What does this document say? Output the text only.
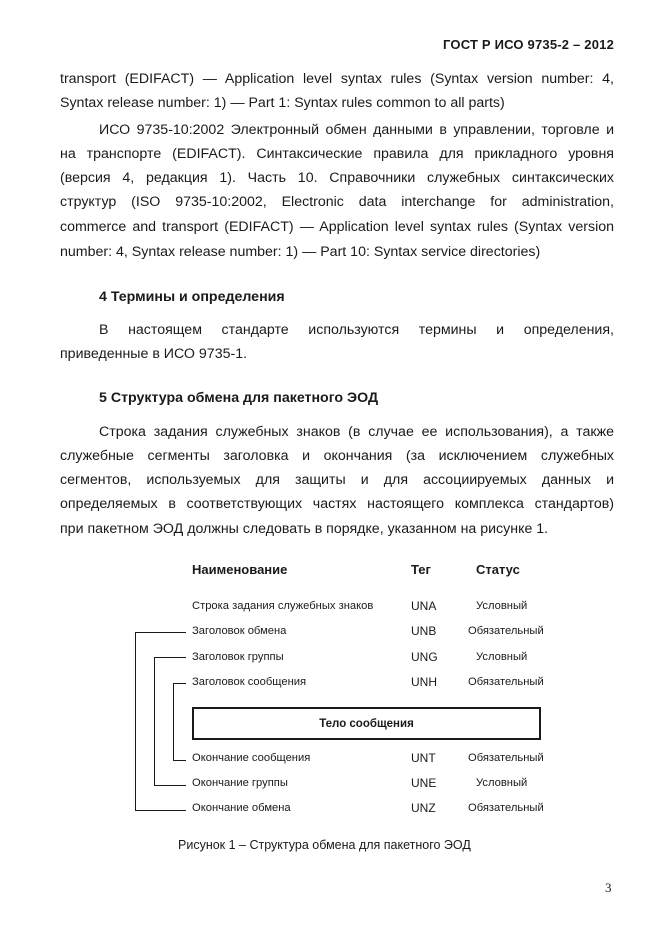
ГОСТ Р ИСО 9735-2 – 2012

transport (EDIFACT) — Application level syntax rules (Syntax version number: 4,

Syntax release number: 1) — Part 1: Syntax rules common to all parts)

ИСО 9735-10:2002 Электронный обмен данными в управлении, торговле и

на транспорте (EDIFACT). Синтаксические правила для прикладного уровня

(версия 4, редакция 1). Часть 10. Справочники служебных синтаксических

структур (ISO 9735-10:2002, Electronic data interchange for administration,

commerce and transport (EDIFACT) — Application level syntax rules (Syntax version

number: 4, Syntax release number: 1) — Part 10: Syntax service directories)

4 Термины и определения

В настоящем стандарте используются термины и определения,

приведенные в ИСО 9735-1.

5 Структура обмена для пакетного ЭОД

Строка задания служебных знаков (в случае ее использования), а также

служебные сегменты заголовка и окончания (за исключением служебных

сегментов, используемых для защиты и для ассоциируемых данных и

определяемых в соответствующих частях настоящего комплекса стандартов)

при пакетном ЭОД должны следовать в порядке, указанном на рисунке 1.

Наименование	Тег	Статус
Строка задания служебных знаков	UNA	Условный
Заголовок обмена	UNB	Обязательный
Заголовок группы	UNG	Условный
Заголовок сообщения	UNH	Обязательный
Тело сообщения
Окончание сообщения	UNT	Обязательный
Окончание группы	UNE	Условный
Окончание обмена	UNZ	Обязательный
Рисунок 1 – Структура обмена для пакетного ЭОД
3
